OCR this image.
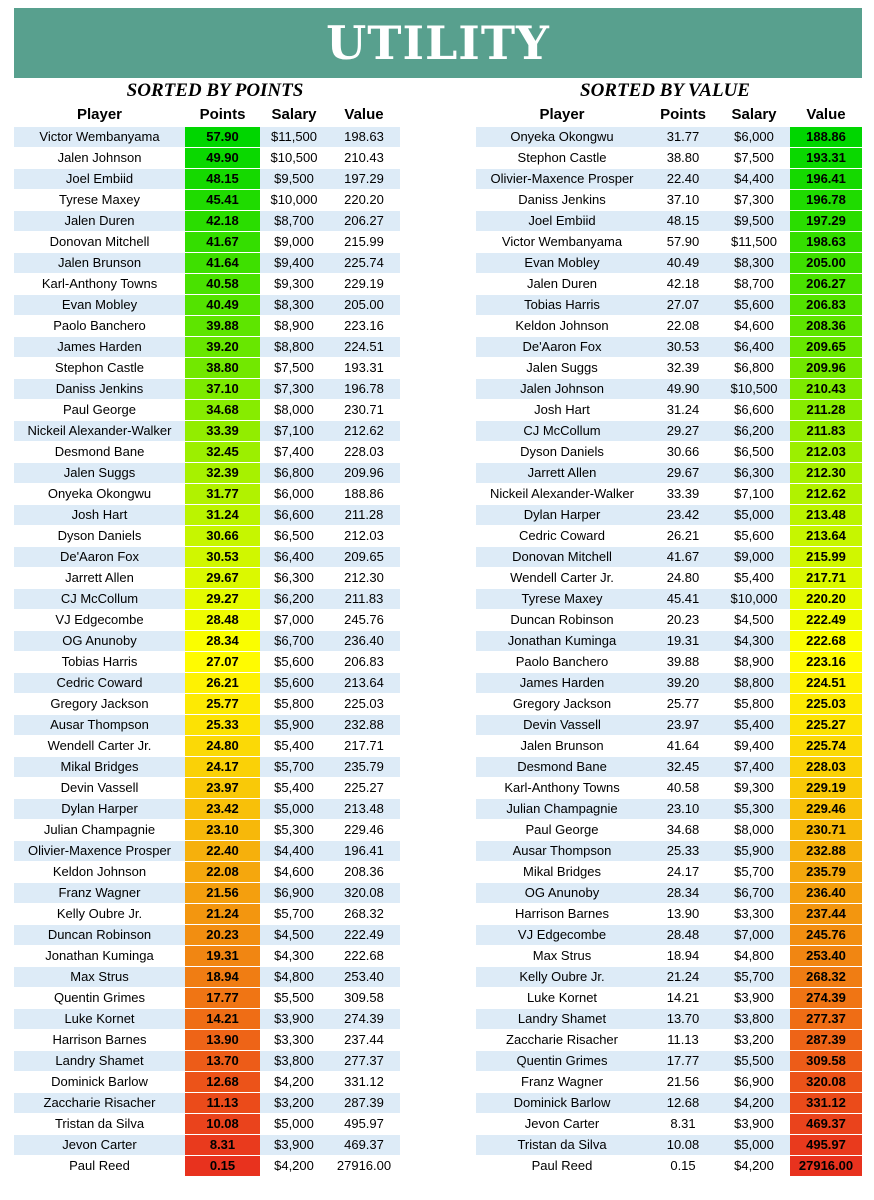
UTILITY
SORTED BY POINTS
Player	Points	Salary	Value
SORTED BY VALUE
Player	Points	Salary	Value
Victor Wembanyama	57.90	$11,500	198.63
Jalen Johnson	49.90	$10,500	210.43
Joel Embiid	48.15	$9,500	197.29
Tyrese Maxey	45.41	$10,000	220.20
Jalen Duren	42.18	$8,700	206.27
Donovan Mitchell	41.67	$9,000	215.99
Jalen Brunson	41.64	$9,400	225.74
Karl-Anthony Towns	40.58	$9,300	229.19
Evan Mobley	40.49	$8,300	205.00
Paolo Banchero	39.88	$8,900	223.16
James Harden	39.20	$8,800	224.51
Stephon Castle	38.80	$7,500	193.31
Daniss Jenkins	37.10	$7,300	196.78
Paul George	34.68	$8,000	230.71
Nickeil Alexander-Walker	33.39	$7,100	212.62
Desmond Bane	32.45	$7,400	228.03
Jalen Suggs	32.39	$6,800	209.96
Onyeka Okongwu	31.77	$6,000	188.86
Josh Hart	31.24	$6,600	211.28
Dyson Daniels	30.66	$6,500	212.03
De'Aaron Fox	30.53	$6,400	209.65
Jarrett Allen	29.67	$6,300	212.30
CJ McCollum	29.27	$6,200	211.83
VJ Edgecombe	28.48	$7,000	245.76
OG Anunoby	28.34	$6,700	236.40
Tobias Harris	27.07	$5,600	206.83
Cedric Coward	26.21	$5,600	213.64
Gregory Jackson	25.77	$5,800	225.03
Ausar Thompson	25.33	$5,900	232.88
Wendell Carter Jr.	24.80	$5,400	217.71
Mikal Bridges	24.17	$5,700	235.79
Devin Vassell	23.97	$5,400	225.27
Dylan Harper	23.42	$5,000	213.48
Julian Champagnie	23.10	$5,300	229.46
Olivier-Maxence Prosper	22.40	$4,400	196.41
Keldon Johnson	22.08	$4,600	208.36
Franz Wagner	21.56	$6,900	320.08
Kelly Oubre Jr.	21.24	$5,700	268.32
Duncan Robinson	20.23	$4,500	222.49
Jonathan Kuminga	19.31	$4,300	222.68
Max Strus	18.94	$4,800	253.40
Quentin Grimes	17.77	$5,500	309.58
Luke Kornet	14.21	$3,900	274.39
Harrison Barnes	13.90	$3,300	237.44
Landry Shamet	13.70	$3,800	277.37
Dominick Barlow	12.68	$4,200	331.12
Zaccharie Risacher	11.13	$3,200	287.39
Tristan da Silva	10.08	$5,000	495.97
Jevon Carter	8.31	$3,900	469.37
Paul Reed	0.15	$4,200	27916.00
Onyeka Okongwu	31.77	$6,000	188.86
Stephon Castle	38.80	$7,500	193.31
Olivier-Maxence Prosper	22.40	$4,400	196.41
Daniss Jenkins	37.10	$7,300	196.78
Joel Embiid	48.15	$9,500	197.29
Victor Wembanyama	57.90	$11,500	198.63
Evan Mobley	40.49	$8,300	205.00
Jalen Duren	42.18	$8,700	206.27
Tobias Harris	27.07	$5,600	206.83
Keldon Johnson	22.08	$4,600	208.36
De'Aaron Fox	30.53	$6,400	209.65
Jalen Suggs	32.39	$6,800	209.96
Jalen Johnson	49.90	$10,500	210.43
Josh Hart	31.24	$6,600	211.28
CJ McCollum	29.27	$6,200	211.83
Dyson Daniels	30.66	$6,500	212.03
Jarrett Allen	29.67	$6,300	212.30
Nickeil Alexander-Walker	33.39	$7,100	212.62
Dylan Harper	23.42	$5,000	213.48
Cedric Coward	26.21	$5,600	213.64
Donovan Mitchell	41.67	$9,000	215.99
Wendell Carter Jr.	24.80	$5,400	217.71
Tyrese Maxey	45.41	$10,000	220.20
Duncan Robinson	20.23	$4,500	222.49
Jonathan Kuminga	19.31	$4,300	222.68
Paolo Banchero	39.88	$8,900	223.16
James Harden	39.20	$8,800	224.51
Gregory Jackson	25.77	$5,800	225.03
Devin Vassell	23.97	$5,400	225.27
Jalen Brunson	41.64	$9,400	225.74
Desmond Bane	32.45	$7,400	228.03
Karl-Anthony Towns	40.58	$9,300	229.19
Julian Champagnie	23.10	$5,300	229.46
Paul George	34.68	$8,000	230.71
Ausar Thompson	25.33	$5,900	232.88
Mikal Bridges	24.17	$5,700	235.79
OG Anunoby	28.34	$6,700	236.40
Harrison Barnes	13.90	$3,300	237.44
VJ Edgecombe	28.48	$7,000	245.76
Max Strus	18.94	$4,800	253.40
Kelly Oubre Jr.	21.24	$5,700	268.32
Luke Kornet	14.21	$3,900	274.39
Landry Shamet	13.70	$3,800	277.37
Zaccharie Risacher	11.13	$3,200	287.39
Quentin Grimes	17.77	$5,500	309.58
Franz Wagner	21.56	$6,900	320.08
Dominick Barlow	12.68	$4,200	331.12
Jevon Carter	8.31	$3,900	469.37
Tristan da Silva	10.08	$5,000	495.97
Paul Reed	0.15	$4,200	27916.00
